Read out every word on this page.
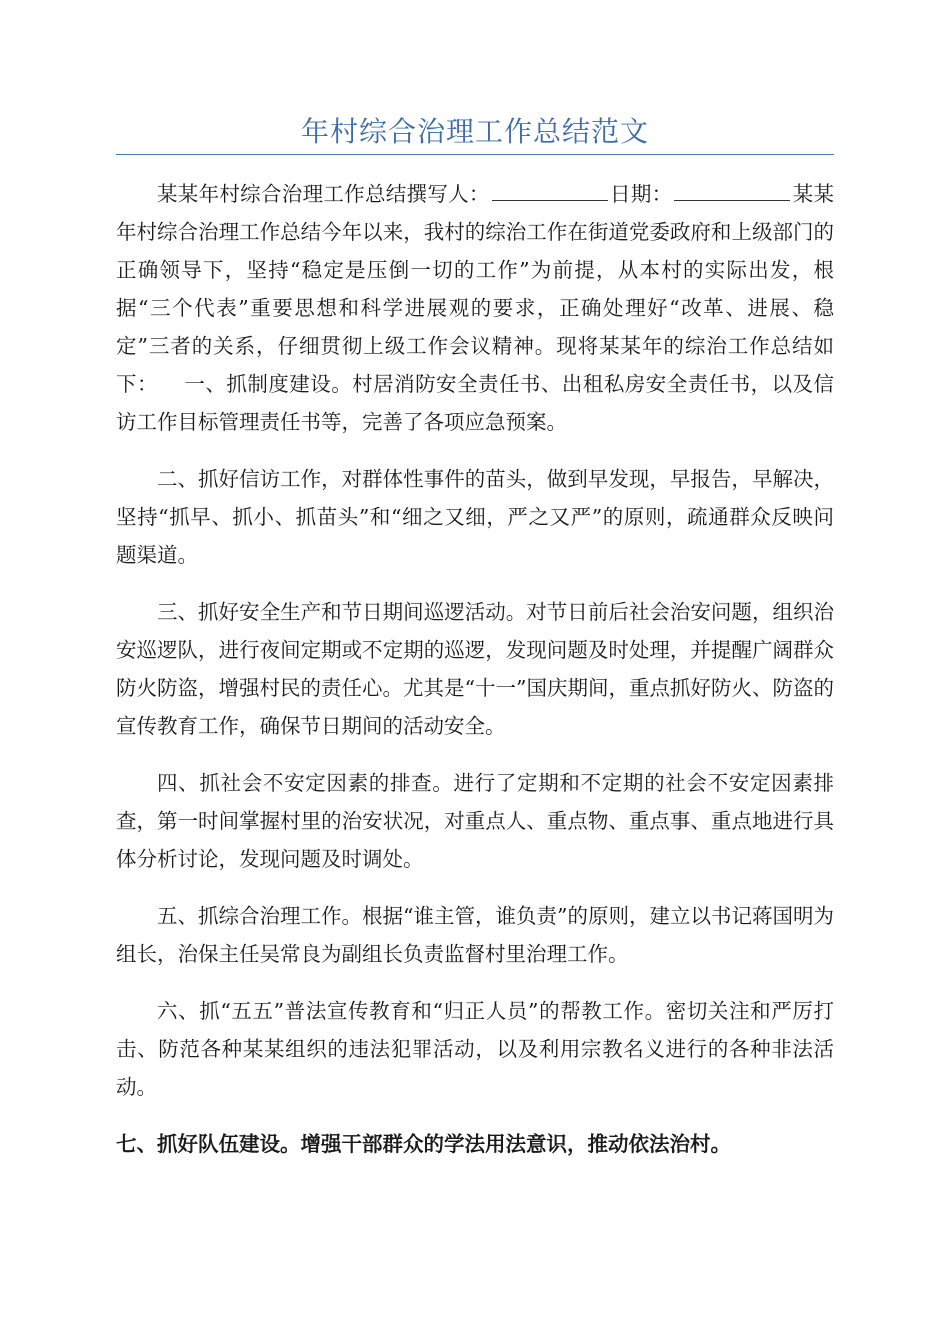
年村综合治理工作总结范文

某某年村综合治理工作总结撰写人：	日期：	某某年村综合治理工作总结今年以来，我村的综治工作在街道党委政府和上级部门的正确领导下，坚持“稳定是压倒一切的工作”为前提，从本村的实际出发，根据“三个代表”重要思想和科学进展观的要求，正确处理好“改革、进展、稳定”三者的关系，仔细贯彻上级工作会议精神。现将某某年的综治工作总结如下： 一、抓制度建设。村居消防安全责任书、出租私房安全责任书，以及信访工作目标管理责任书等，完善了各项应急预案。

二、抓好信访工作，对群体性事件的苗头，做到早发现，早报告，早解决，坚持“抓早、抓小、抓苗头”和“细之又细，严之又严”的原则，疏通群众反映问题渠道。

三、抓好安全生产和节日期间巡逻活动。对节日前后社会治安问题，组织治安巡逻队，进行夜间定期或不定期的巡逻，发现问题及时处理，并提醒广阔群众防火防盗，增强村民的责任心。尤其是“十一”国庆期间，重点抓好防火、防盗的宣传教育工作，确保节日期间的活动安全。

四、抓社会不安定因素的排查。进行了定期和不定期的社会不安定因素排查，第一时间掌握村里的治安状况，对重点人、重点物、重点事、重点地进行具体分析讨论，发现问题及时调处。

五、抓综合治理工作。根据“谁主管，谁负责”的原则，建立以书记蒋国明为组长，治保主任吴常良为副组长负责监督村里治理工作。

六、抓“五五”普法宣传教育和“归正人员”的帮教工作。密切关注和严厉打击、防范各种某某组织的违法犯罪活动，以及利用宗教名义进行的各种非法活动。

七、抓好队伍建设。增强干部群众的学法用法意识，推动依法治村。
